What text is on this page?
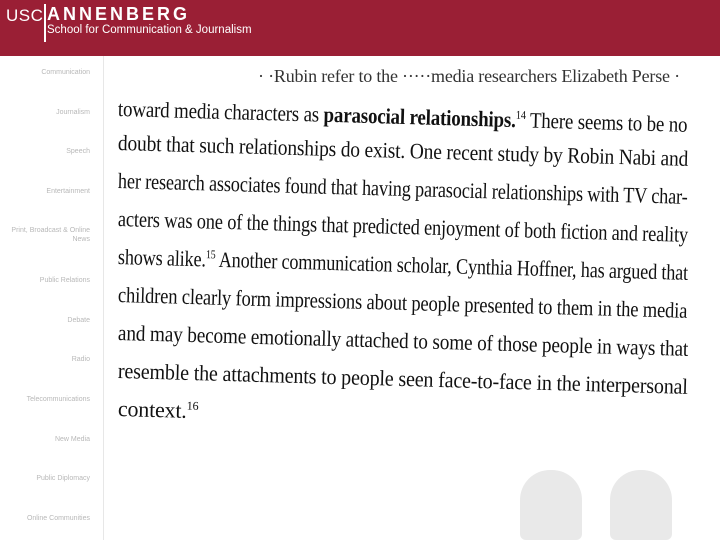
USC ANNENBERG
School for Communication & Journalism
Communication
Journalism
Speech
Entertainment
Print, Broadcast & Online News
Public Relations
Debate
Radio
Telecommunications
New Media
Public Diplomacy
Online Communities
· ·Rubin refer to the ·····media researchers Elizabeth Perse ·
toward media characters as parasocial relationships.$^{14}$ There seems to be no
doubt that such relationships do exist. One recent study by Robin Nabi and
her research associates found that having parasocial relationships with TV char-
acters was one of the things that predicted enjoyment of both fiction and reality
shows alike.$^{15}$ Another communication scholar, Cynthia Hoffner, has argued that
children clearly form impressions about people presented to them in the media
and may become emotionally attached to some of those people in ways that
resemble the attachments to people seen face-to-face in the interpersonal
context.$^{16}$
